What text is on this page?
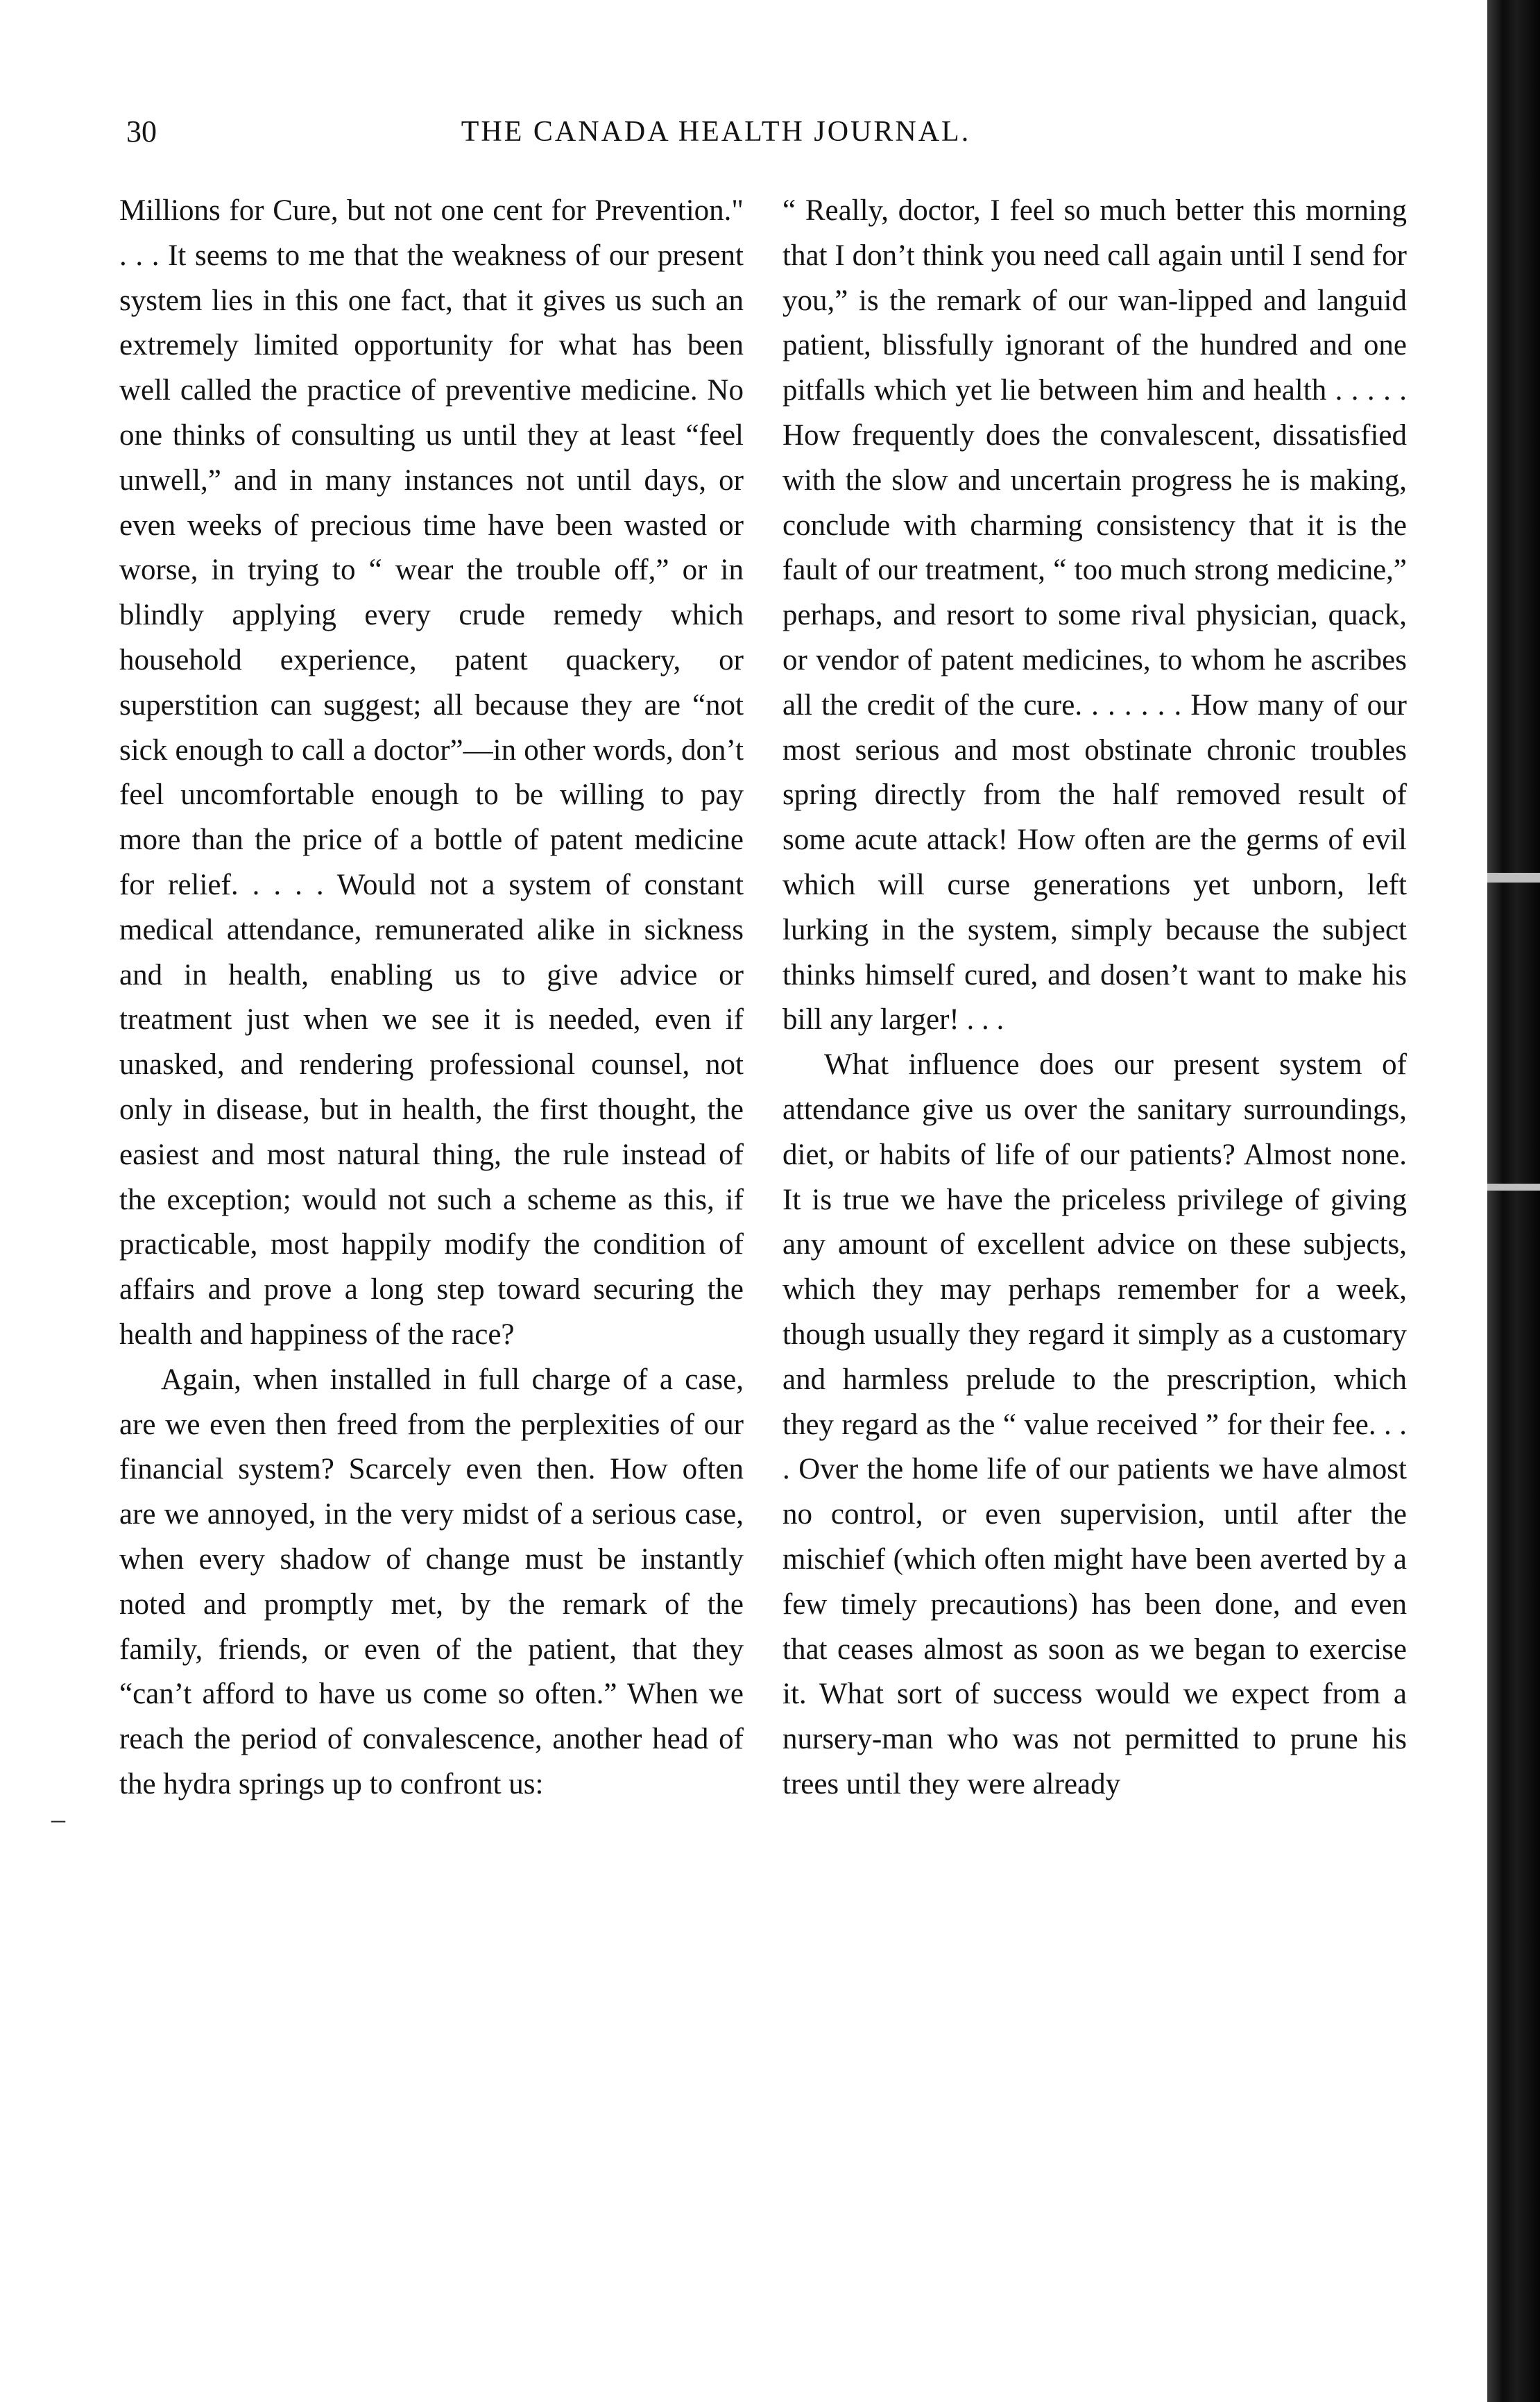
30	THE CANADA HEALTH JOURNAL.

Millions for Cure, but not one cent for Prevention." . . . It seems to me that the weakness of our present system lies in this one fact, that it gives us such an extremely limited opportunity for what has been well called the practice of preventive medicine. No one thinks of consulting us until they at least “feel unwell,” and in many instances not until days, or even weeks of precious time have been wasted or worse, in trying to “ wear the trouble off,” or in blindly applying every crude remedy which household experience, patent quackery, or superstition can suggest; all because they are “not sick enough to call a doctor”—in other words, don’t feel uncomfortable enough to be willing to pay more than the price of a bottle of patent medicine for relief. . . . . Would not a system of constant medical attendance, remunerated alike in sickness and in health, enabling us to give advice or treatment just when we see it is needed, even if unasked, and rendering professional counsel, not only in disease, but in health, the first thought, the easiest and most natural thing, the rule instead of the exception; would not such a scheme as this, if practicable, most happily modify the condition of affairs and prove a long step toward securing the health and happiness of the race?

Again, when installed in full charge of a case, are we even then freed from the perplexities of our financial system? Scarcely even then. How often are we annoyed, in the very midst of a serious case, when every shadow of change must be instantly noted and promptly met, by the remark of the family, friends, or even of the patient, that they “can’t afford to have us come so often.” When we reach the period of convalescence, another head of the hydra springs up to confront us:

“ Really, doctor, I feel so much better this morning that I don’t think you need call again until I send for you,” is the remark of our wan-lipped and languid patient, blissfully ignorant of the hundred and one pitfalls which yet lie between him and health . . . . . How frequently does the convalescent, dissatisfied with the slow and uncertain progress he is making, conclude with charming consistency that it is the fault of our treatment, “ too much strong medicine,” perhaps, and resort to some rival physician, quack, or vendor of patent medicines, to whom he ascribes all the credit of the cure. . . . . . . How many of our most serious and most obstinate chronic troubles spring directly from the half removed result of some acute attack! How often are the germs of evil which will curse generations yet unborn, left lurking in the system, simply because the subject thinks himself cured, and dosen’t want to make his bill any larger! . . .

What influence does our present system of attendance give us over the sanitary surroundings, diet, or habits of life of our patients? Almost none. It is true we have the priceless privilege of giving any amount of excellent advice on these subjects, which they may perhaps remember for a week, though usually they regard it simply as a customary and harmless prelude to the prescription, which they regard as the “ value received ” for their fee. . . . Over the home life of our patients we have almost no control, or even supervision, until after the mischief (which often might have been averted by a few timely precautions) has been done, and even that ceases almost as soon as we began to exercise it. What sort of success would we expect from a nursery-man who was not permitted to prune his trees until they were already

–
